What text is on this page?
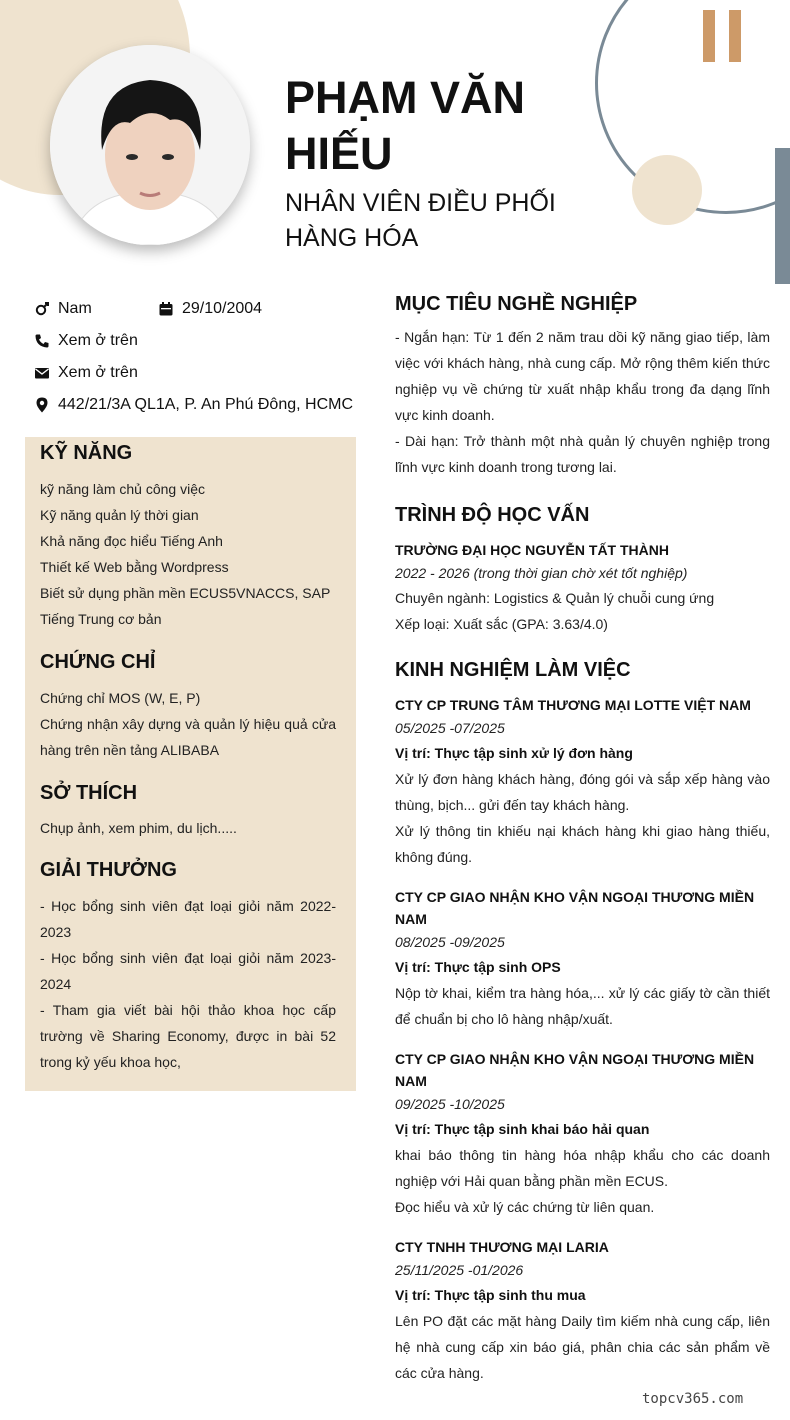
PHẠM VĂN HIẾU
NHÂN VIÊN ĐIỀU PHỐI HÀNG HÓA
Nam	29/10/2004
Xem ở trên
Xem ở trên
442/21/3A QL1A, P. An Phú Đông, HCMC
KỸ NĂNG
kỹ năng làm chủ công việc
Kỹ năng quản lý thời gian
Khả năng đọc hiểu Tiếng Anh
Thiết kế Web bằng Wordpress
Biết sử dụng phần mền ECUS5VNACCS, SAP
Tiếng Trung cơ bản
CHỨNG CHỈ
Chứng chỉ MOS (W, E, P)
Chứng nhận xây dựng và quản lý hiệu quả cửa hàng trên nền tảng ALIBABA
SỞ THÍCH
Chụp ảnh, xem phim, du lịch.....
GIẢI THƯỞNG
- Học bổng sinh viên đạt loại giỏi năm 2022-2023
- Học bổng sinh viên đạt loại giỏi năm 2023-2024
- Tham gia viết bài hội thảo khoa học cấp trường về Sharing Economy, được in bài 52 trong kỷ yếu khoa học,
MỤC TIÊU NGHỀ NGHIỆP
- Ngắn hạn: Từ 1 đến 2 năm trau dồi kỹ năng giao tiếp, làm việc với khách hàng, nhà cung cấp. Mở rộng thêm kiến thức nghiệp vụ về chứng từ xuất nhập khẩu trong đa dạng lĩnh vực kinh doanh.
- Dài hạn: Trở thành một nhà quản lý chuyên nghiệp trong lĩnh vực kinh doanh trong tương lai.
TRÌNH ĐỘ HỌC VẤN
TRƯỜNG ĐẠI HỌC NGUYỄN TẤT THÀNH
2022 - 2026 (trong thời gian chờ xét tốt nghiệp)
Chuyên ngành: Logistics & Quản lý chuỗi cung ứng
Xếp loại: Xuất sắc (GPA: 3.63/4.0)
KINH NGHIỆM LÀM VIỆC
CTY CP TRUNG TÂM THƯƠNG MẠI LOTTE VIỆT NAM
05/2025 -07/2025
Vị trí: Thực tập sinh xử lý đơn hàng
Xử lý đơn hàng khách hàng, đóng gói và sắp xếp hàng vào thùng, bịch... gửi đến tay khách hàng.
Xử lý thông tin khiếu nại khách hàng khi giao hàng thiếu, không đúng.
CTY CP GIAO NHẬN KHO VẬN NGOẠI THƯƠNG MIỀN NAM
08/2025 -09/2025
Vị trí: Thực tập sinh OPS
Nộp tờ khai, kiểm tra hàng hóa,... xử lý các giấy tờ cần thiết để chuẩn bị cho lô hàng nhập/xuất.
CTY CP GIAO NHẬN KHO VẬN NGOẠI THƯƠNG MIỀN NAM
09/2025 -10/2025
Vị trí: Thực tập sinh khai báo hải quan
khai báo thông tin hàng hóa nhập khẩu cho các doanh nghiệp với Hải quan bằng phần mền ECUS.
Đọc hiểu và xử lý các chứng từ liên quan.
CTY TNHH THƯƠNG MẠI LARIA
25/11/2025 -01/2026
Vị trí: Thực tập sinh thu mua
Lên PO đặt các mặt hàng Daily tìm kiếm nhà cung cấp, liên hệ nhà cung cấp xin báo giá, phân chia các sản phẩm về các cửa hàng.
topcv365.com
